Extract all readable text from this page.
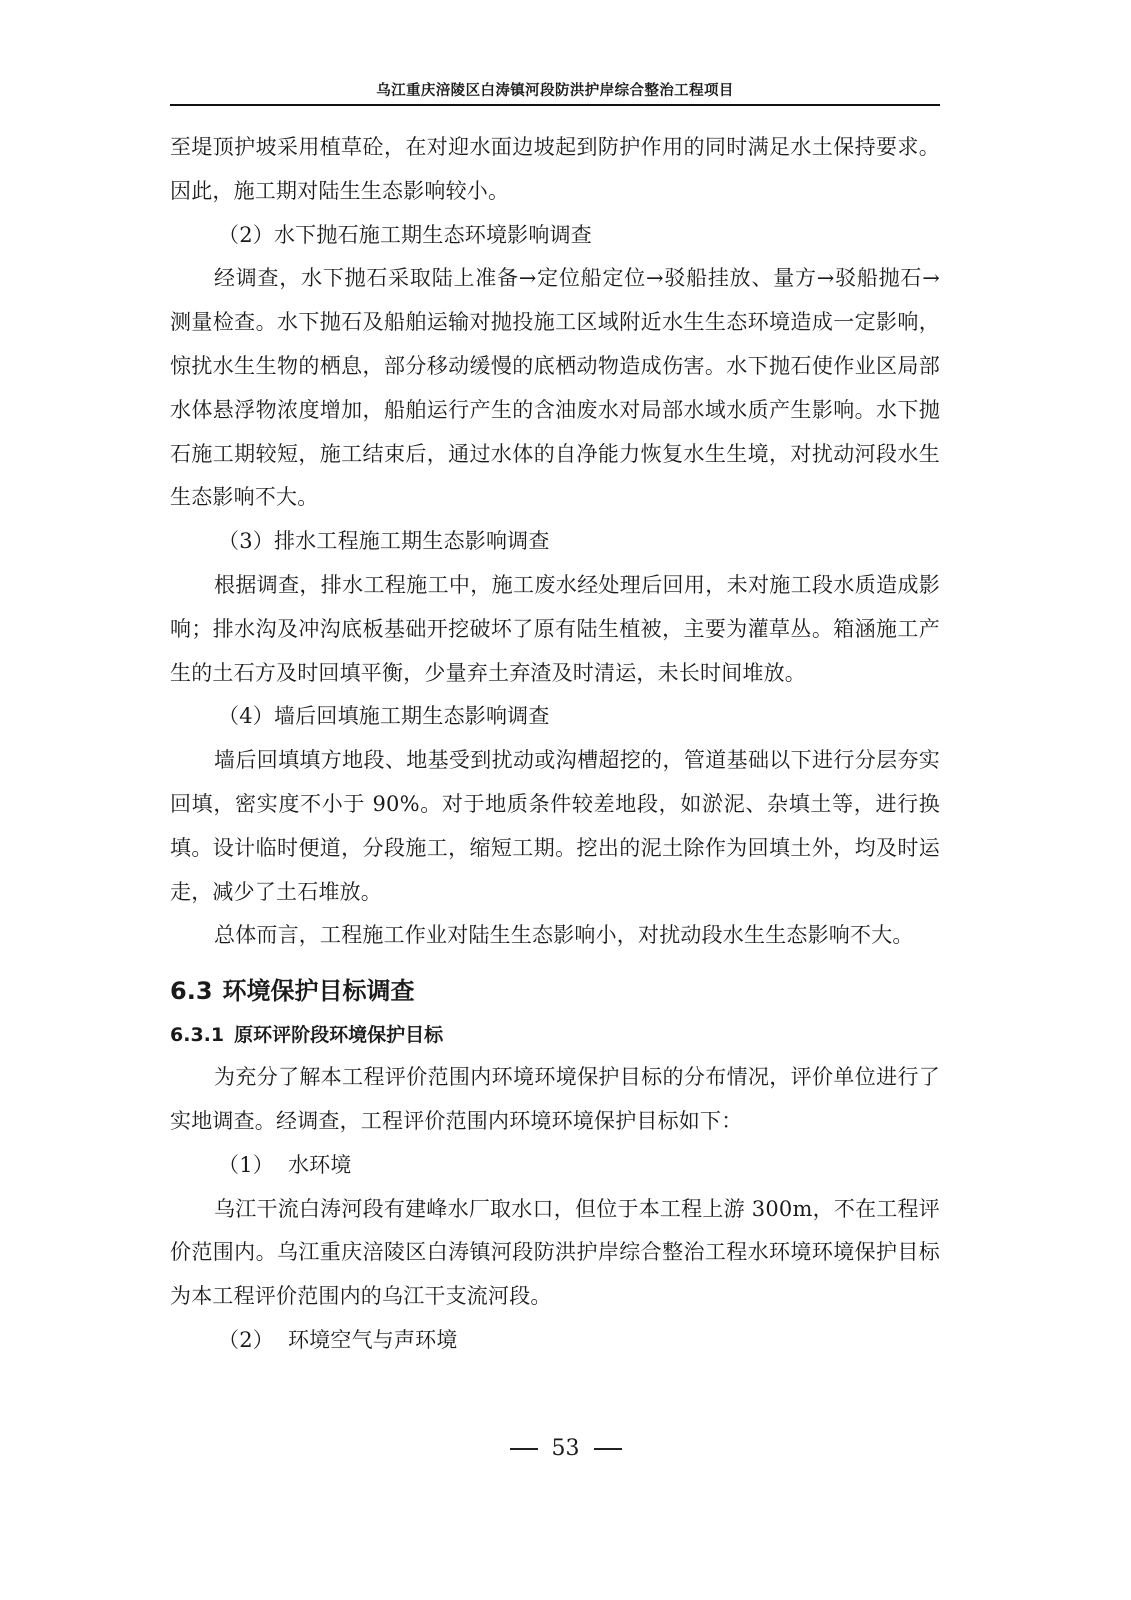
乌江重庆涪陵区白涛镇河段防洪护岸综合整治工程项目

至堤顶护坡采用植草砼，在对迎水面边坡起到防护作用的同时满足水土保持要求。因此，施工期对陆生生态影响较小。

（2）水下抛石施工期生态环境影响调查

经调查，水下抛石采取陆上准备→定位船定位→驳船挂放、量方→驳船抛石→测量检查。水下抛石及船舶运输对抛投施工区域附近水生生态环境造成一定影响，惊扰水生生物的栖息，部分移动缓慢的底栖动物造成伤害。水下抛石使作业区局部水体悬浮物浓度增加，船舶运行产生的含油废水对局部水域水质产生影响。水下抛石施工期较短，施工结束后，通过水体的自净能力恢复水生生境，对扰动河段水生生态影响不大。

（3）排水工程施工期生态影响调查

根据调查，排水工程施工中，施工废水经处理后回用，未对施工段水质造成影响；排水沟及冲沟底板基础开挖破坏了原有陆生植被，主要为灌草丛。箱涵施工产生的土石方及时回填平衡，少量弃土弃渣及时清运，未长时间堆放。

（4）墙后回填施工期生态影响调查

墙后回填填方地段、地基受到扰动或沟槽超挖的，管道基础以下进行分层夯实回填，密实度不小于 90%。对于地质条件较差地段，如淤泥、杂填土等，进行换填。设计临时便道，分段施工，缩短工期。挖出的泥土除作为回填土外，均及时运走，减少了土石堆放。

总体而言，工程施工作业对陆生生态影响小，对扰动段水生生态影响不大。

6.3 环境保护目标调查
6.3.1 原环评阶段环境保护目标

为充分了解本工程评价范围内环境环境保护目标的分布情况，评价单位进行了实地调查。经调查，工程评价范围内环境环境保护目标如下：

（1） 水环境

乌江干流白涛河段有建峰水厂取水口，但位于本工程上游 300m，不在工程评价范围内。乌江重庆涪陵区白涛镇河段防洪护岸综合整治工程水环境环境保护目标为本工程评价范围内的乌江干支流河段。

（2） 环境空气与声环境

53
